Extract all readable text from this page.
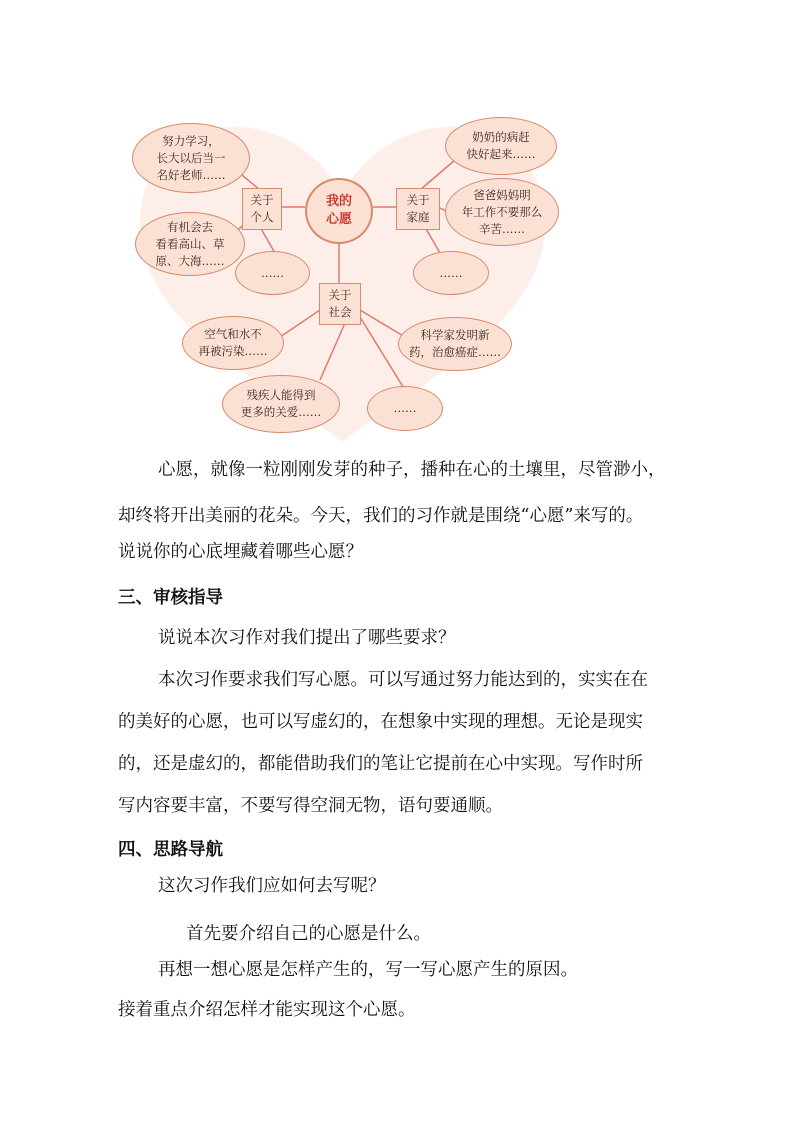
我的
心愿
关于
个人
关于
家庭
关于
社会
努力学习，
长大以后当一
名好老师……
有机会去
看看高山、草
原、大海……
……
奶奶的病赶
快好起来……
爸爸妈妈明
年工作不要那么
辛苦……
……
空气和水不
再被污染……
科学家发明新
药，治愈癌症……
残疾人能得到
更多的关爱……	……
心愿，就像一粒刚刚发芽的种子，播种在心的土壤里，尽管渺小，
却终将开出美丽的花朵。今天，我们的习作就是围绕“心愿”来写的。
说说你的心底埋藏着哪些心愿？
三、审核指导
说说本次习作对我们提出了哪些要求？
本次习作要求我们写心愿。可以写通过努力能达到的，实实在在
的美好的心愿，也可以写虚幻的，在想象中实现的理想。无论是现实
的，还是虚幻的，都能借助我们的笔让它提前在心中实现。写作时所
写内容要丰富，不要写得空洞无物，语句要通顺。
四、思路导航
这次习作我们应如何去写呢？
首先要介绍自己的心愿是什么。
再想一想心愿是怎样产生的，写一写心愿产生的原因。
接着重点介绍怎样才能实现这个心愿。
